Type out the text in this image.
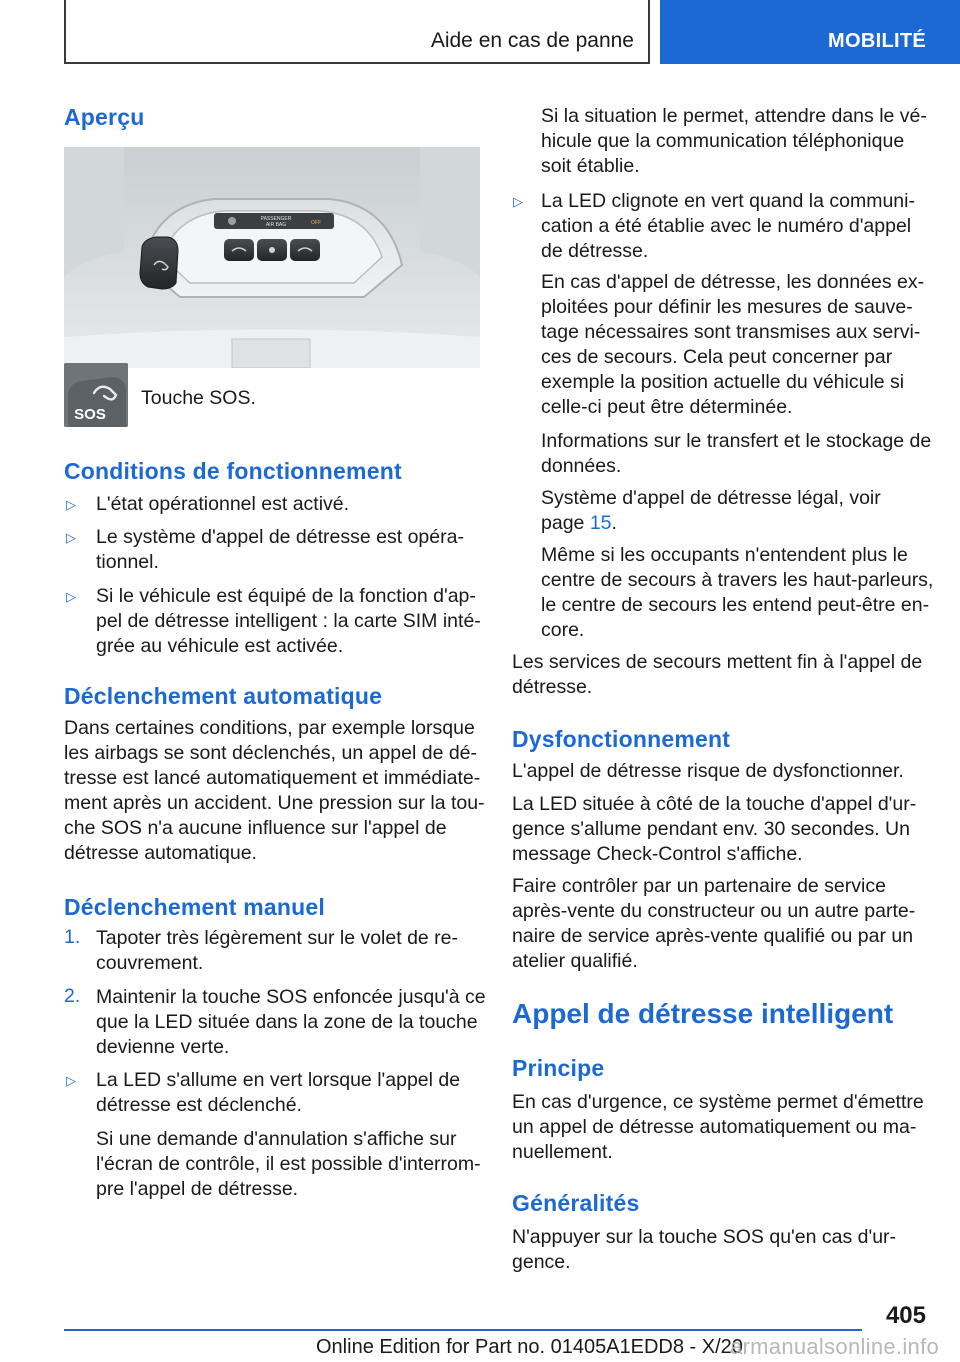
Aide en cas de panne	MOBILITÉ
Aperçu
PASSENGER
AIR BAG	OFF
SOS
Touche SOS.
Conditions de fonctionnement
▷ L'état opérationnel est activé.
▷ Le système d'appel de détresse est opéra-
tionnel.
▷ Si le véhicule est équipé de la fonction d'ap-
pel de détresse intelligent : la carte SIM inté-
grée au véhicule est activée.
Déclenchement automatique
Dans certaines conditions, par exemple lorsque
les airbags se sont déclenchés, un appel de dé-
tresse est lancé automatiquement et immédiate-
ment après un accident. Une pression sur la tou-
che SOS n'a aucune influence sur l'appel de
détresse automatique.
Déclenchement manuel
1. Tapoter très légèrement sur le volet de re-
couvrement.
2. Maintenir la touche SOS enfoncée jusqu'à ce
que la LED située dans la zone de la touche
devienne verte.
▷ La LED s'allume en vert lorsque l'appel de
détresse est déclenché.
Si une demande d'annulation s'affiche sur
l'écran de contrôle, il est possible d'interrom-
pre l'appel de détresse.
Si la situation le permet, attendre dans le vé-
hicule que la communication téléphonique
soit établie.
▷ La LED clignote en vert quand la communi-
cation a été établie avec le numéro d'appel
de détresse.
En cas d'appel de détresse, les données ex-
ploitées pour définir les mesures de sauve-
tage nécessaires sont transmises aux servi-
ces de secours. Cela peut concerner par
exemple la position actuelle du véhicule si
celle-ci peut être déterminée.
Informations sur le transfert et le stockage de
données.
Système d'appel de détresse légal, voir
page 15.
Même si les occupants n'entendent plus le
centre de secours à travers les haut-parleurs,
le centre de secours les entend peut-être en-
core.
Les services de secours mettent fin à l'appel de
détresse.
Dysfonctionnement
L'appel de détresse risque de dysfonctionner.
La LED située à côté de la touche d'appel d'ur-
gence s'allume pendant env. 30 secondes. Un
message Check-Control s'affiche.
Faire contrôler par un partenaire de service
après-vente du constructeur ou un autre parte-
naire de service après-vente qualifié ou par un
atelier qualifié.
Appel de détresse intelligent
Principe
En cas d'urgence, ce système permet d'émettre
un appel de détresse automatiquement ou ma-
nuellement.
Généralités
N'appuyer sur la touche SOS qu'en cas d'ur-
gence.
405
Online Edition for Part no. 01405A1EDD8 - X/20
armanualsonline.info
